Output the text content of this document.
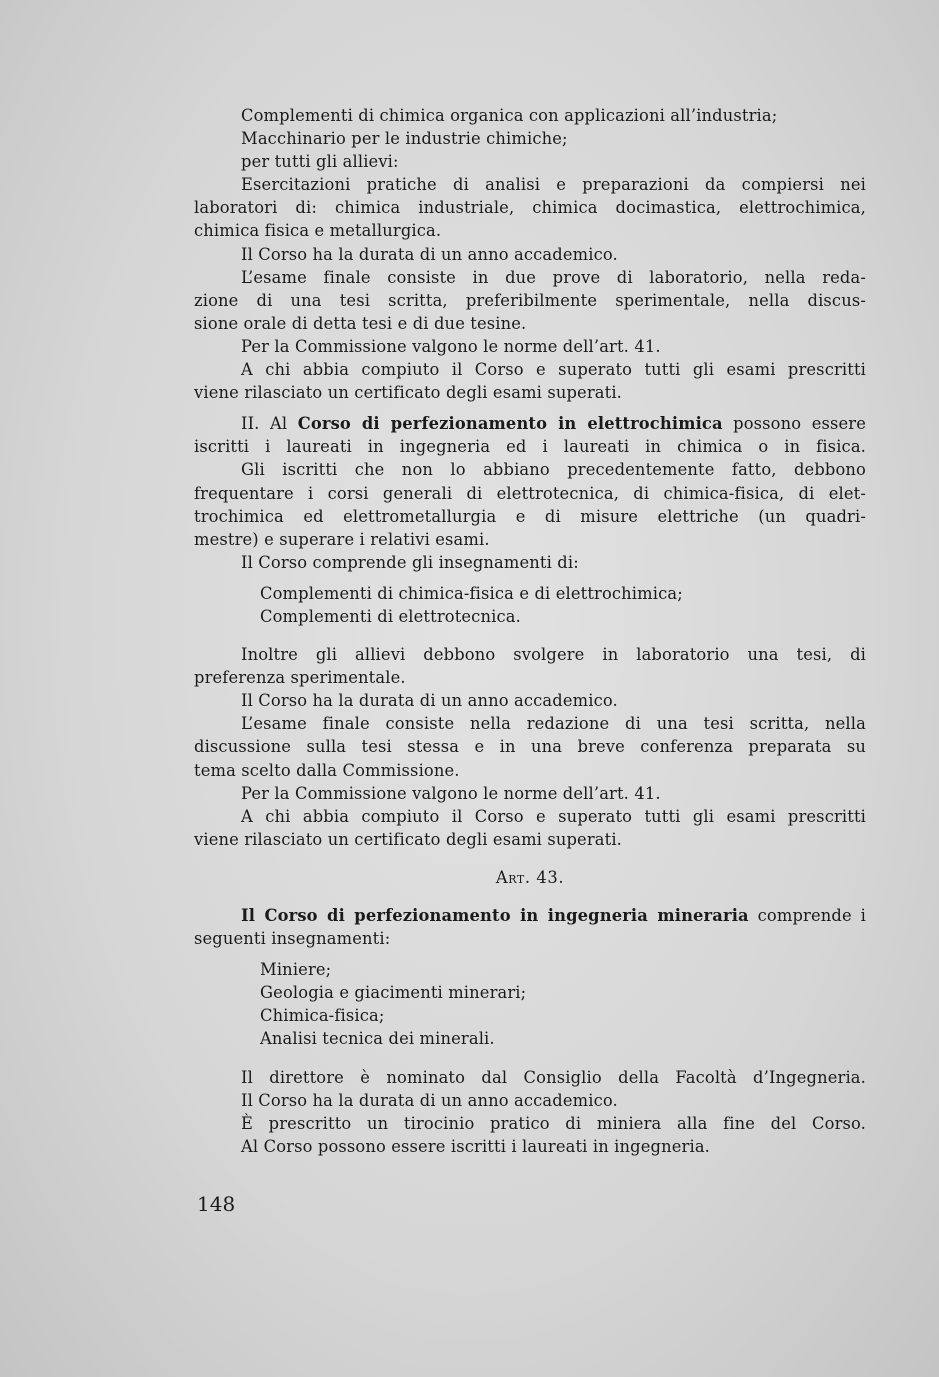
Complementi di chimica organica con applicazioni all’industria;
Macchinario per le industrie chimiche;
per tutti gli allievi:
Esercitazioni pratiche di analisi e preparazioni da compiersi nei
laboratori di: chimica industriale, chimica docimastica, elettrochimica,
chimica fisica e metallurgica.
Il Corso ha la durata di un anno accademico.
L’esame finale consiste in due prove di laboratorio, nella reda-
zione di una tesi scritta, preferibilmente sperimentale, nella discus-
sione orale di detta tesi e di due tesine.
Per la Commissione valgono le norme dell’art. 41.
A chi abbia compiuto il Corso e superato tutti gli esami prescritti
viene rilasciato un certificato degli esami superati.
II. Al Corso di perfezionamento in elettrochimica possono essere
iscritti i laureati in ingegneria ed i laureati in chimica o in fisica.
Gli iscritti che non lo abbiano precedentemente fatto, debbono
frequentare i corsi generali di elettrotecnica, di chimica-fisica, di elet-
trochimica ed elettrometallurgia e di misure elettriche (un quadri-
mestre) e superare i relativi esami.
Il Corso comprende gli insegnamenti di:
Complementi di chimica-fisica e di elettrochimica;
Complementi di elettrotecnica.
Inoltre gli allievi debbono svolgere in laboratorio una tesi, di
preferenza sperimentale.
Il Corso ha la durata di un anno accademico.
L’esame finale consiste nella redazione di una tesi scritta, nella
discussione sulla tesi stessa e in una breve conferenza preparata su
tema scelto dalla Commissione.
Per la Commissione valgono le norme dell’art. 41.
A chi abbia compiuto il Corso e superato tutti gli esami prescritti
viene rilasciato un certificato degli esami superati.
Art. 43.
Il Corso di perfezionamento in ingegneria mineraria comprende i
seguenti insegnamenti:
Miniere;
Geologia e giacimenti minerari;
Chimica-fisica;
Analisi tecnica dei minerali.
Il direttore è nominato dal Consiglio della Facoltà d’Ingegneria.
Il Corso ha la durata di un anno accademico.
È prescritto un tirocinio pratico di miniera alla fine del Corso.
Al Corso possono essere iscritti i laureati in ingegneria.
148
